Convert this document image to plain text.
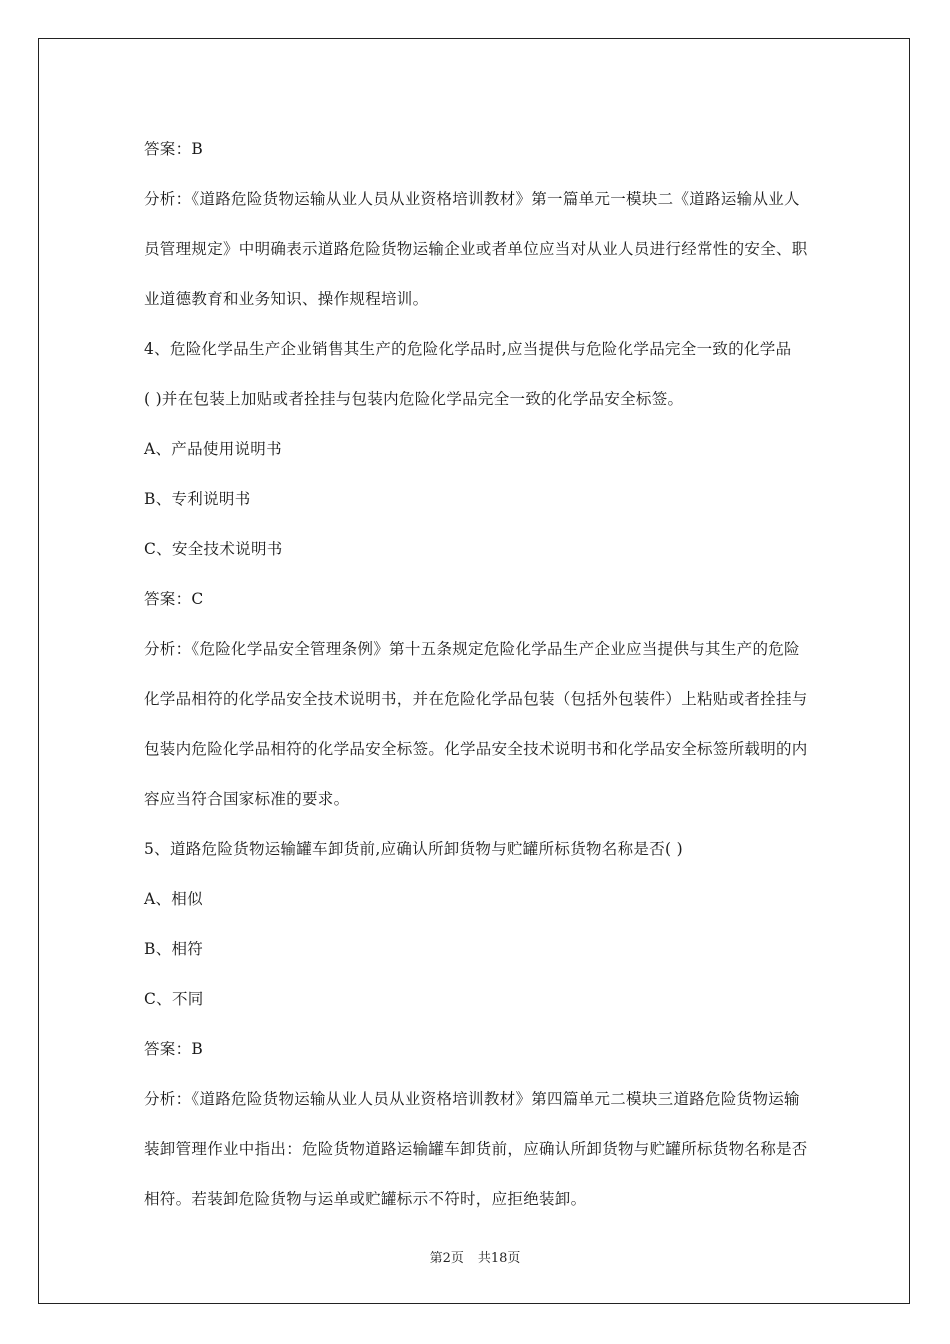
答案：B
分析：《道路危险货物运输从业人员从业资格培训教材》第一篇单元一模块二《道路运输从业人
员管理规定》中明确表示道路危险货物运输企业或者单位应当对从业人员进行经常性的安全、职
业道德教育和业务知识、操作规程培训。
4、危险化学品生产企业销售其生产的危险化学品时,应当提供与危险化学品完全一致的化学品
( )并在包装上加贴或者拴挂与包装内危险化学品完全一致的化学品安全标签。
A、产品使用说明书
B、专利说明书
C、安全技术说明书
答案：C
分析：《危险化学品安全管理条例》第十五条规定危险化学品生产企业应当提供与其生产的危险
化学品相符的化学品安全技术说明书，并在危险化学品包装（包括外包装件）上粘贴或者拴挂与
包装内危险化学品相符的化学品安全标签。化学品安全技术说明书和化学品安全标签所载明的内
容应当符合国家标准的要求。
5、道路危险货物运输罐车卸货前,应确认所卸货物与贮罐所标货物名称是否( )
A、相似
B、相符
C、不同
答案：B
分析：《道路危险货物运输从业人员从业资格培训教材》第四篇单元二模块三道路危险货物运输
装卸管理作业中指出：危险货物道路运输罐车卸货前，应确认所卸货物与贮罐所标货物名称是否
相符。若装卸危险货物与运单或贮罐标示不符时，应拒绝装卸。
第2页 共18页
